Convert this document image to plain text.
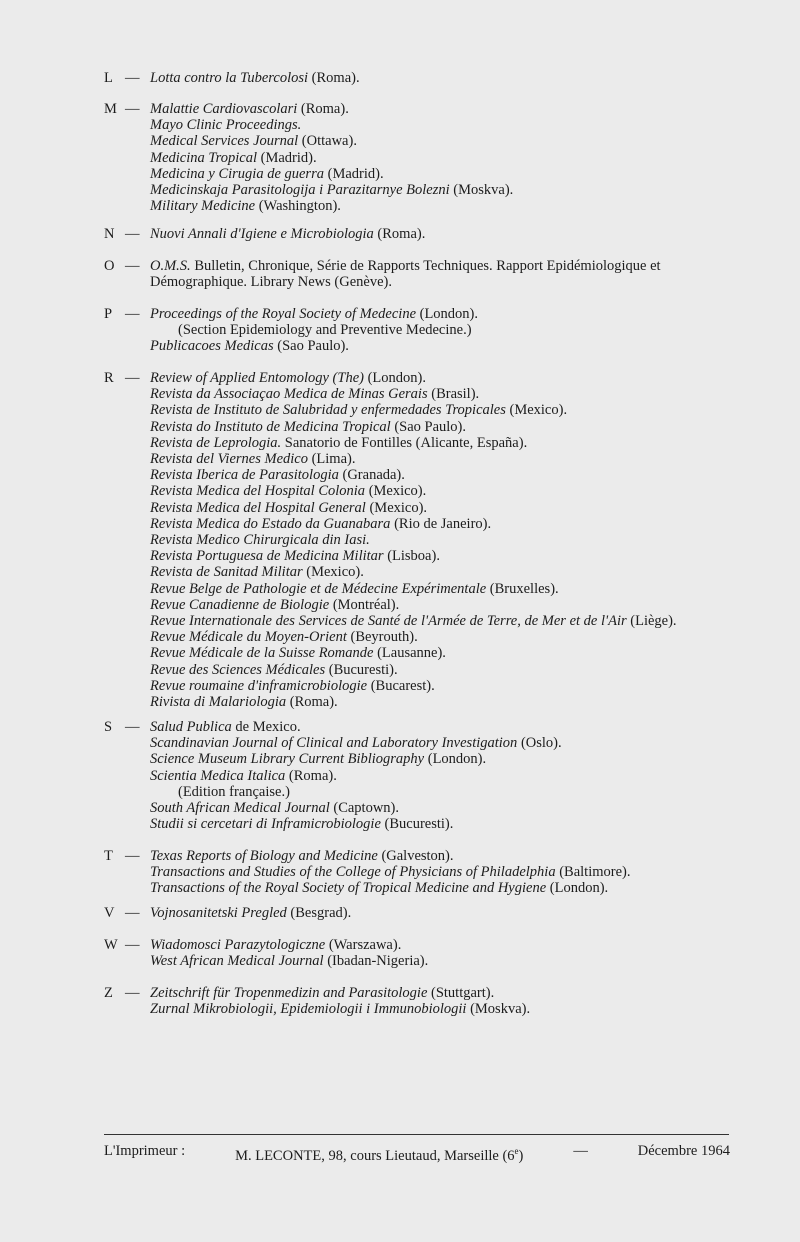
L — Lotta contro la Tubercolosi (Roma).
M — Malattie Cardiovascolari (Roma).
Mayo Clinic Proceedings.
Medical Services Journal (Ottawa).
Medicina Tropical (Madrid).
Medicina y Cirugia de guerra (Madrid).
Medicinskaja Parasitologija i Parazitarnye Bolezni (Moskva).
Military Medicine (Washington).
N — Nuovi Annali d'Igiene e Microbiologia (Roma).
O — O.M.S. Bulletin, Chronique, Série de Rapports Techniques. Rapport Epidémiologique et Démographique. Library News (Genève).
P — Proceedings of the Royal Society of Medecine (London).
(Section Epidemiology and Preventive Medecine.)
Publicacoes Medicas (Sao Paulo).
R — Review of Applied Entomology (The) (London).
Revista da Associaçao Medica de Minas Gerais (Brasil).
Revista de Instituto de Salubridad y enfermedades Tropicales (Mexico).
Revista do Instituto de Medicina Tropical (Sao Paulo).
Revista de Leprologia. Sanatorio de Fontilles (Alicante, España).
Revista del Viernes Medico (Lima).
Revista Iberica de Parasitologia (Granada).
Revista Medica del Hospital Colonia (Mexico).
Revista Medica del Hospital General (Mexico).
Revista Medica do Estado da Guanabara (Rio de Janeiro).
Revista Medico Chirurgicala din Iasi.
Revista Portuguesa de Medicina Militar (Lisboa).
Revista de Sanitad Militar (Mexico).
Revue Belge de Pathologie et de Médecine Expérimentale (Bruxelles).
Revue Canadienne de Biologie (Montréal).
Revue Internationale des Services de Santé de l'Armée de Terre, de Mer et de l'Air (Liège).
Revue Médicale du Moyen-Orient (Beyrouth).
Revue Médicale de la Suisse Romande (Lausanne).
Revue des Sciences Médicales (Bucuresti).
Revue roumaine d'inframicrobiologie (Bucarest).
Rivista di Malariologia (Roma).
S — Salud Publica de Mexico.
Scandinavian Journal of Clinical and Laboratory Investigation (Oslo).
Science Museum Library Current Bibliography (London).
Scientia Medica Italica (Roma).
(Edition française.)
South African Medical Journal (Captown).
Studii si cercetari di Inframicrobiologie (Bucuresti).
T — Texas Reports of Biology and Medicine (Galveston).
Transactions and Studies of the College of Physicians of Philadelphia (Baltimore).
Transactions of the Royal Society of Tropical Medicine and Hygiene (London).
V — Vojnosanitetski Pregled (Besgrad).
W — Wiadomosci Parazytologiczne (Warszawa).
West African Medical Journal (Ibadan-Nigeria).
Z — Zeitschrift für Tropenmedizin and Parasitologie (Stuttgart).
Zurnal Mikrobiologii, Epidemiologii i Immunobiologii (Moskva).
L'Imprimeur :	M. LECONTE, 98, cours Lieutaud, Marseille (6e)	—	Décembre 1964
